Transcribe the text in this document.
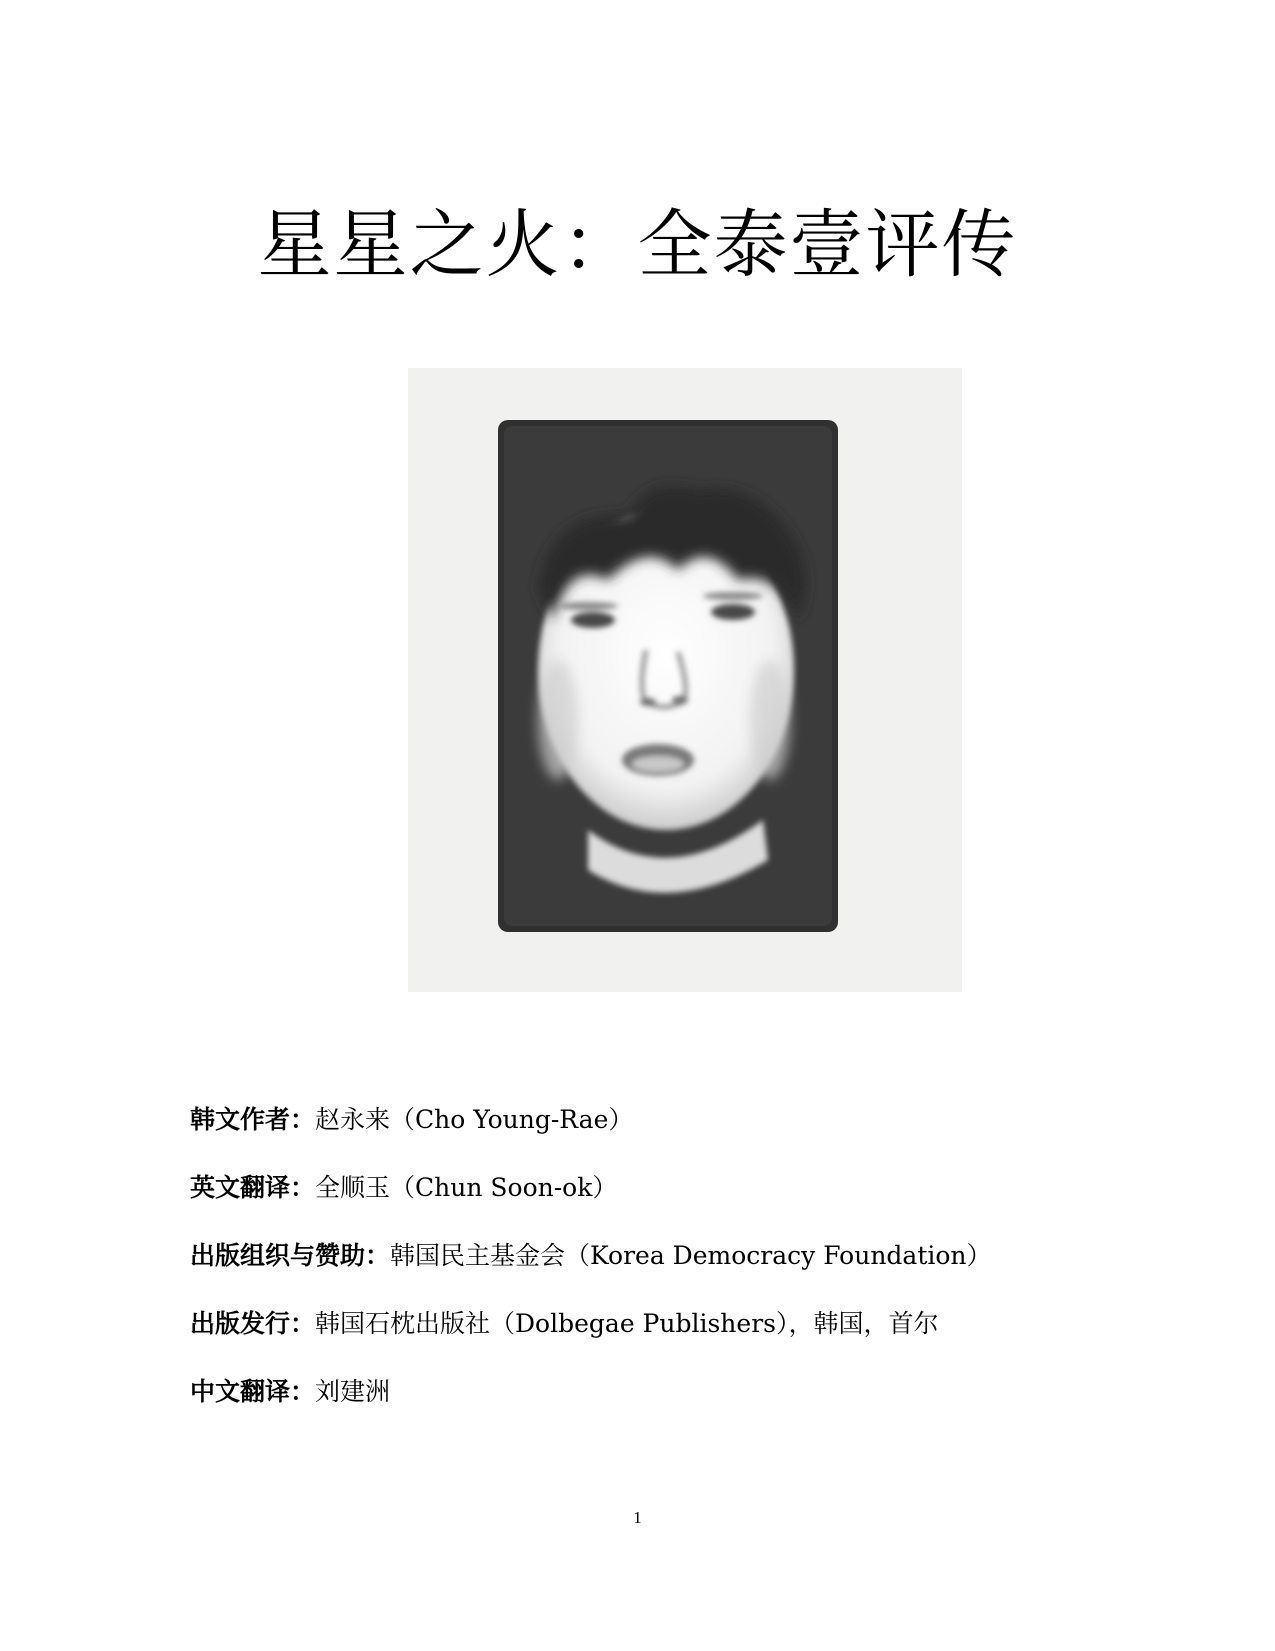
星星之火：全泰壹评传
韩文作者：赵永来（Cho Young-Rae）
英文翻译：全顺玉（Chun Soon-ok）
出版组织与赞助：韩国民主基金会（Korea Democracy Foundation）
出版发行：韩国石枕出版社（Dolbegae Publishers），韩国，首尔
中文翻译：刘建洲
1
